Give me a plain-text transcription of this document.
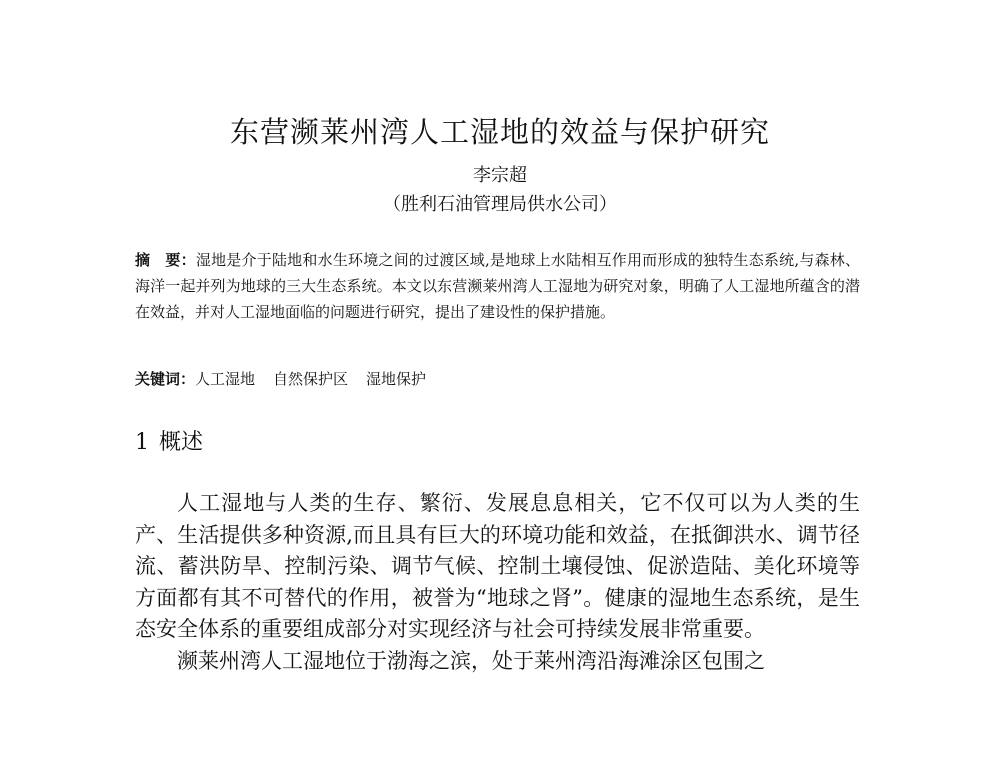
东营濒莱州湾人工湿地的效益与保护研究
李宗超
（胜利石油管理局供水公司）
摘　要：湿地是介于陆地和水生环境之间的过渡区域,是地球上水陆相互作用而形成的独特生态系统,与森林、海洋一起并列为地球的三大生态系统。本文以东营濒莱州湾人工湿地为研究对象，明确了人工湿地所蕴含的潜在效益，并对人工湿地面临的问题进行研究，提出了建设性的保护措施。
关键词：人工湿地 自然保护区 湿地保护
1 概述

人工湿地与人类的生存、繁衍、发展息息相关，它不仅可以为人类的生产、生活提供多种资源,而且具有巨大的环境功能和效益，在抵御洪水、调节径流、蓄洪防旱、控制污染、调节气候、控制土壤侵蚀、促淤造陆、美化环境等方面都有其不可替代的作用，被誉为“地球之肾”。健康的湿地生态系统，是生态安全体系的重要组成部分对实现经济与社会可持续发展非常重要。

濒莱州湾人工湿地位于渤海之滨，处于莱州湾沿海滩涂区包围之
